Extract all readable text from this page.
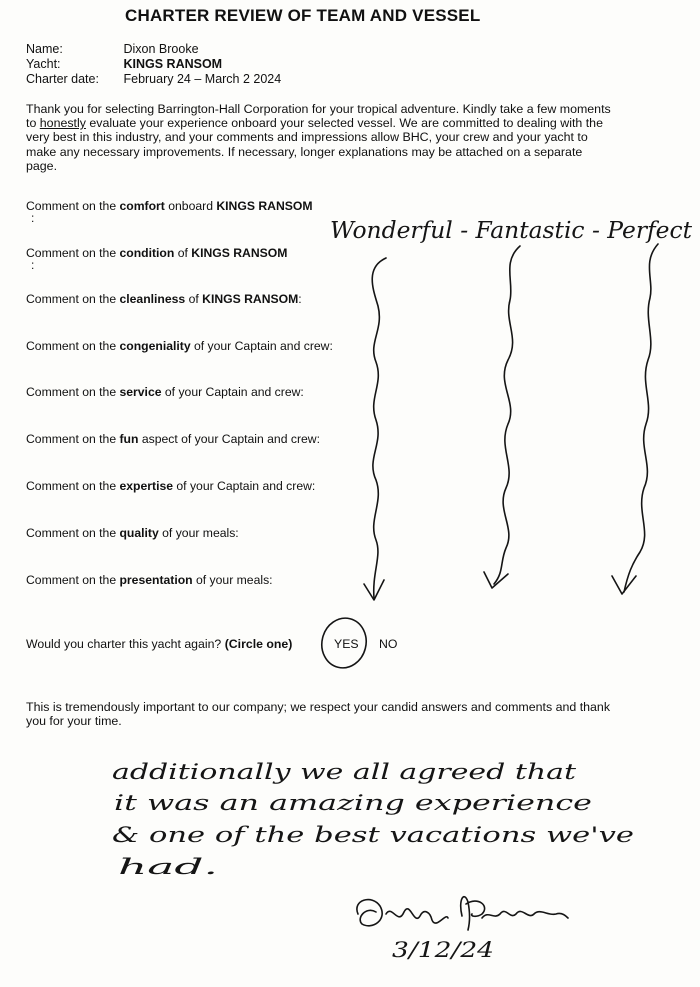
CHARTER REVIEW OF TEAM AND VESSEL
Name:	Dixon Brooke
Yacht:	KINGS RANSOM
Charter date: February 24 – March 2 2024
Thank you for selecting Barrington-Hall Corporation for your tropical adventure. Kindly take a few moments to honestly evaluate your experience onboard your selected vessel. We are committed to dealing with the very best in this industry, and your comments and impressions allow BHC, your crew and your yacht to make any necessary improvements. If necessary, longer explanations may be attached on a separate page.
Comment on the comfort onboard KINGS RANSOM
:
Comment on the condition of KINGS RANSOM
:
Comment on the cleanliness of KINGS RANSOM:
Comment on the congeniality of your Captain and crew:
Comment on the service of your Captain and crew:
Comment on the fun aspect of your Captain and crew:
Comment on the expertise of your Captain and crew:
Comment on the quality of your meals:
Comment on the presentation of your meals:
Would you charter this yacht again? (Circle one)	YES NO
This is tremendously important to our company; we respect your candid answers and comments and thank you for your time.
Wonderful - Fantastic - Perfect
additionally we all agreed that
it was an amazing experience
& one of the best vacations we've
had.
3/12/24
